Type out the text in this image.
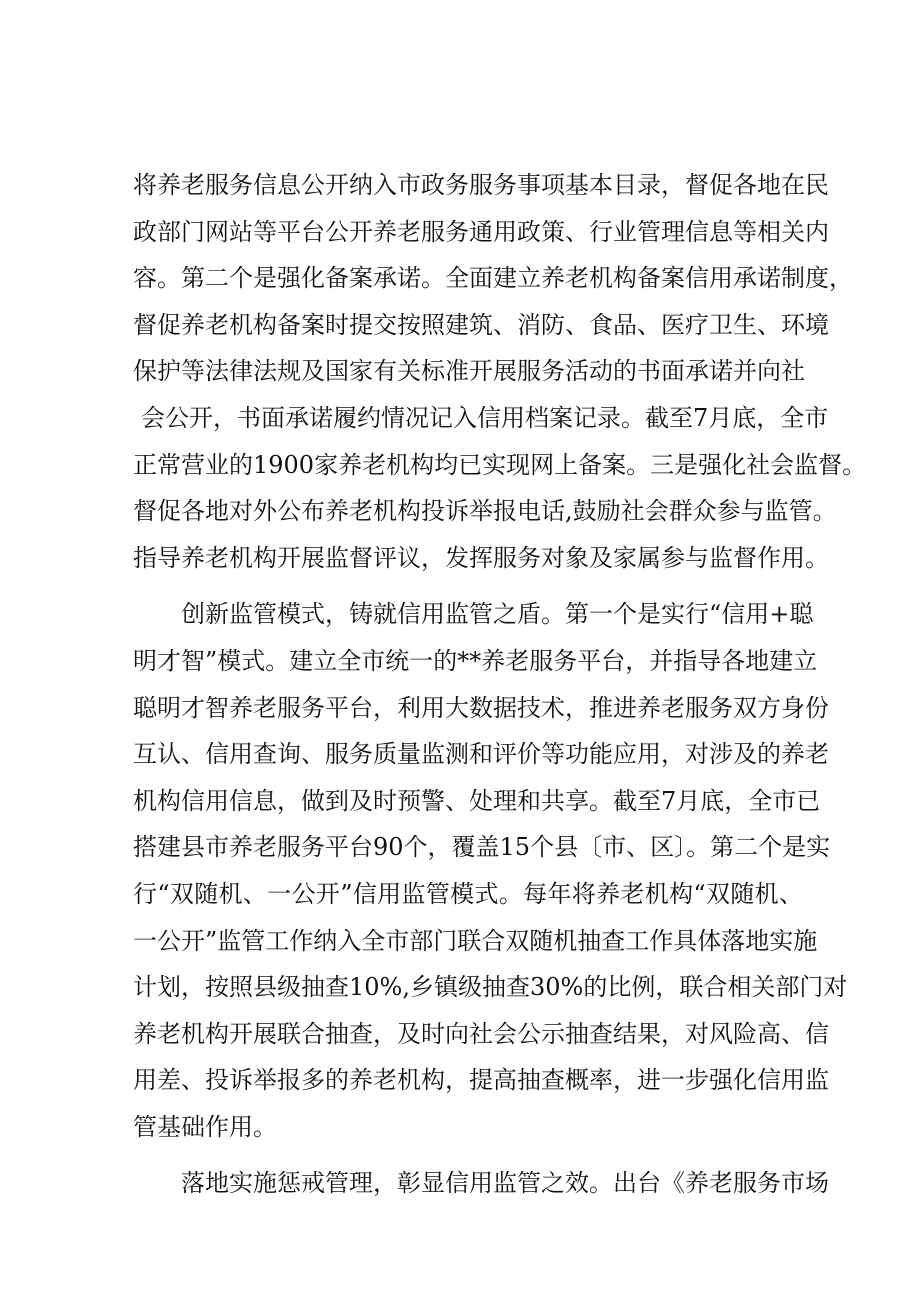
将养老服务信息公开纳入市政务服务事项基本目录，督促各地在民
政部门网站等平台公开养老服务通用政策、行业管理信息等相关内
容。第二个是强化备案承诺。全面建立养老机构备案信用承诺制度，
督促养老机构备案时提交按照建筑、消防、食品、医疗卫生、环境
保护等法律法规及国家有关标准开展服务活动的书面承诺并向社
会公开，书面承诺履约情况记入信用档案记录。截至7月底，全市
正常营业的1900家养老机构均已实现网上备案。三是强化社会监督。
督促各地对外公布养老机构投诉举报电话,鼓励社会群众参与监管。
指导养老机构开展监督评议，发挥服务对象及家属参与监督作用。
创新监管模式，铸就信用监管之盾。第一个是实行“信用+聪
明才智”模式。建立全市统一的**养老服务平台，并指导各地建立
聪明才智养老服务平台，利用大数据技术，推进养老服务双方身份
互认、信用查询、服务质量监测和评价等功能应用，对涉及的养老
机构信用信息，做到及时预警、处理和共享。截至7月底，全市已
搭建县市养老服务平台90个，覆盖15个县〔市、区〕。第二个是实
行“双随机、一公开”信用监管模式。每年将养老机构“双随机、
一公开”监管工作纳入全市部门联合双随机抽查工作具体落地实施
计划，按照县级抽查10%,乡镇级抽查30%的比例，联合相关部门对
养老机构开展联合抽查，及时向社会公示抽查结果，对风险高、信
用差、投诉举报多的养老机构，提高抽查概率，进一步强化信用监
管基础作用。
落地实施惩戒管理，彰显信用监管之效。出台《养老服务市场
